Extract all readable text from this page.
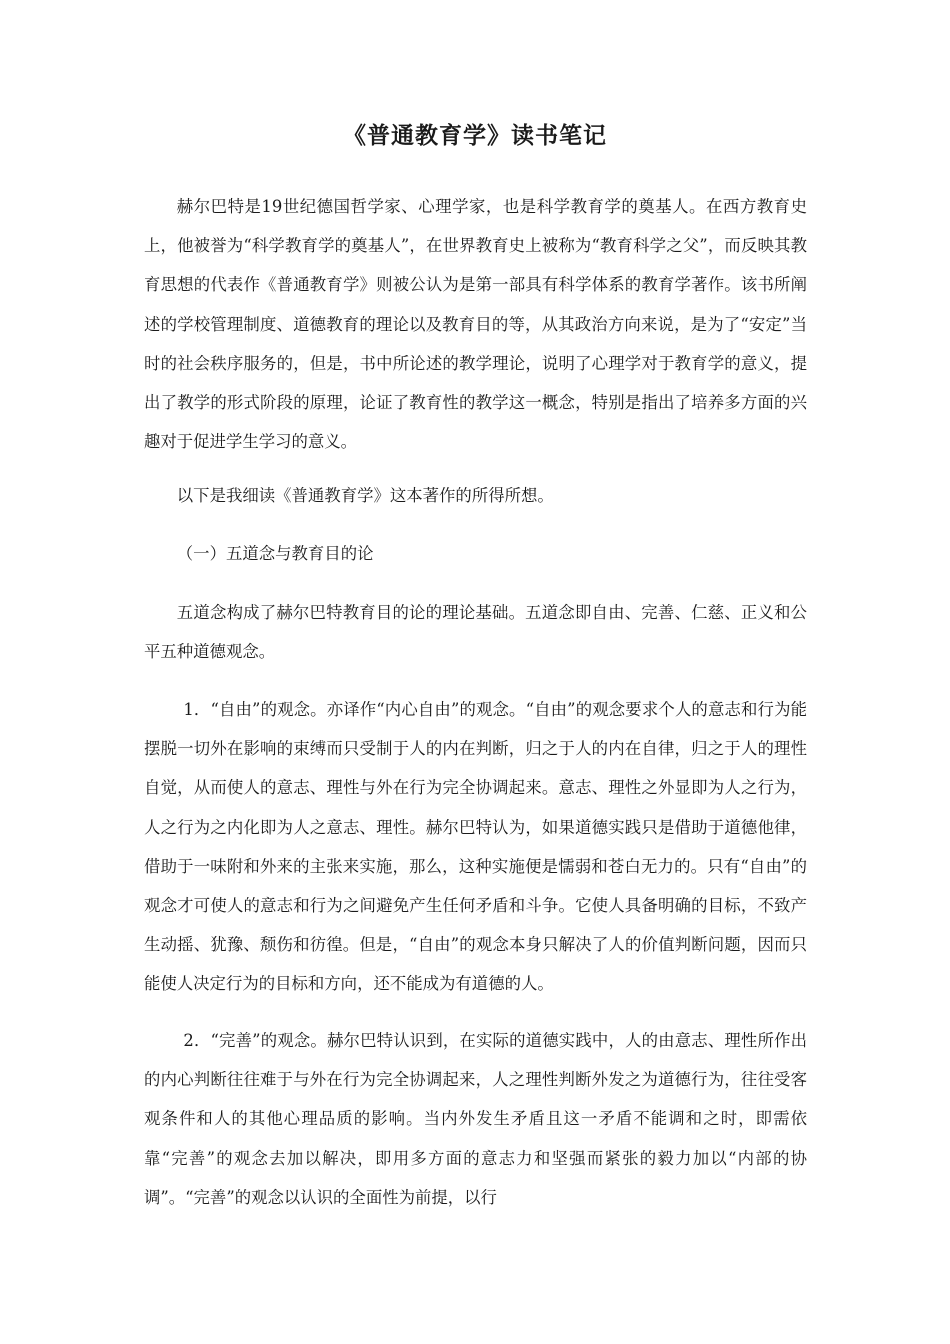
《普通教育学》读书笔记

赫尔巴特是19世纪德国哲学家、心理学家，也是科学教育学的奠基人。在西方教育史上，他被誉为“科学教育学的奠基人”，在世界教育史上被称为“教育科学之父”，而反映其教育思想的代表作《普通教育学》则被公认为是第一部具有科学体系的教育学著作。该书所阐述的学校管理制度、道德教育的理论以及教育目的等，从其政治方向来说，是为了“安定”当时的社会秩序服务的，但是，书中所论述的教学理论，说明了心理学对于教育学的意义，提出了教学的形式阶段的原理，论证了教育性的教学这一概念，特别是指出了培养多方面的兴趣对于促进学生学习的意义。

以下是我细读《普通教育学》这本著作的所得所想。

（一）五道念与教育目的论

五道念构成了赫尔巴特教育目的论的理论基础。五道念即自由、完善、仁慈、正义和公平五种道德观念。

1．“自由”的观念。亦译作“内心自由”的观念。“自由”的观念要求个人的意志和行为能摆脱一切外在影响的束缚而只受制于人的内在判断，归之于人的内在自律，归之于人的理性自觉，从而使人的意志、理性与外在行为完全协调起来。意志、理性之外显即为人之行为，人之行为之内化即为人之意志、理性。赫尔巴特认为，如果道德实践只是借助于道德他律，借助于一味附和外来的主张来实施，那么，这种实施便是懦弱和苍白无力的。只有“自由”的观念才可使人的意志和行为之间避免产生任何矛盾和斗争。它使人具备明确的目标，不致产生动摇、犹豫、颓伤和彷徨。但是，“自由”的观念本身只解决了人的价值判断问题，因而只能使人决定行为的目标和方向，还不能成为有道德的人。

2．“完善”的观念。赫尔巴特认识到，在实际的道德实践中，人的由意志、理性所作出的内心判断往往难于与外在行为完全协调起来，人之理性判断外发之为道德行为，往往受客观条件和人的其他心理品质的影响。当内外发生矛盾且这一矛盾不能调和之时，即需依靠“完善”的观念去加以解决，即用多方面的意志力和坚强而紧张的毅力加以“内部的协调”。“完善”的观念以认识的全面性为前提，以行
